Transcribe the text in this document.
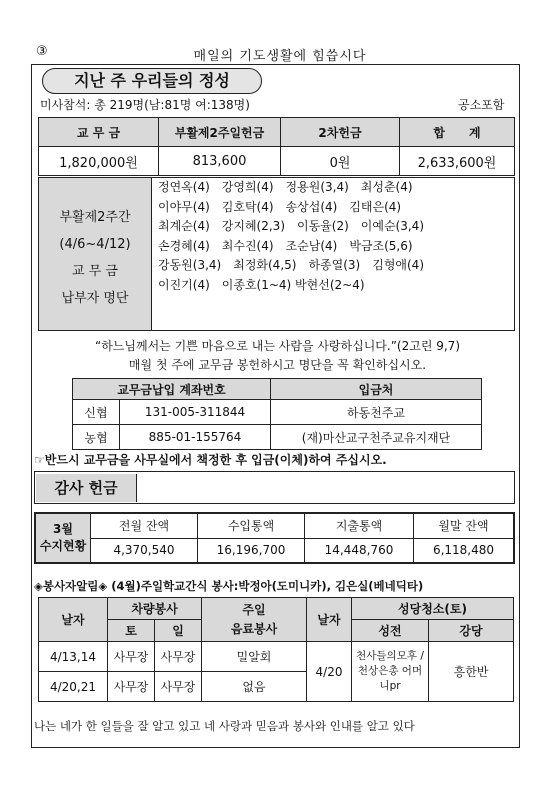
③	매일의 기도생활에 힘씁시다
지난 주 우리들의 정성
미사참석: 총 219명(남:81명 여:138명)	공소포함
교 무 금	부활제2주일헌금	2차헌금	합　　계
1,820,000원	813,600	0원	2,633,600원
부활제2주간
(4/6~4/12)
교 무 금
납부자 명단
정연옥(4)　강영희(4)　정용원(3,4)　최성춘(4)
이야무(4)　김호탁(4)　송상섭(4)　김태은(4)
최계순(4)　강지혜(2,3)　이동율(2)　이예순(3,4)
손경혜(4)　최수진(4)　조순남(4)　박금조(5,6)
강동원(3,4)　최정화(4,5)　하종열(3)　김형애(4)
이진기(4)　이종호(1~4) 박현선(2~4)
“하느님께서는 기쁜 마음으로 내는 사람을 사랑하십니다.”(2고린 9,7)
매월 첫 주에 교무금 봉헌하시고 명단을 꼭 확인하십시오.
교무금납입 계좌번호		입금처
신협	131-005-311844	하동천주교
농협	885-01-155764	(재)마산교구천주교유지재단
☞반드시 교무금을 사무실에서 책정한 후 입금(이체)하여 주십시오.
감사 헌금
3월
수지현황	전월 잔액	수입통액	지출통액	월말 잔액
	4,370,540	16,196,700	14,448,760	6,118,480
◈봉사자알림◈ (4월)주일학교간식 봉사:박정아(도미니카), 김은실(베네딕타)
날자	차량봉사		주일
음료봉사	날자	성당청소(토)	
	토	일			성전	강당
4/13,14	사무장	사무장	밀알회	4/20	천사들의모후 /천상은총 어머니pr	흥한반
4/20,21	사무장	사무장	없음			
나는 네가 한 일들을 잘 알고 있고 네 사랑과 믿음과 봉사와 인내를 알고 있다
